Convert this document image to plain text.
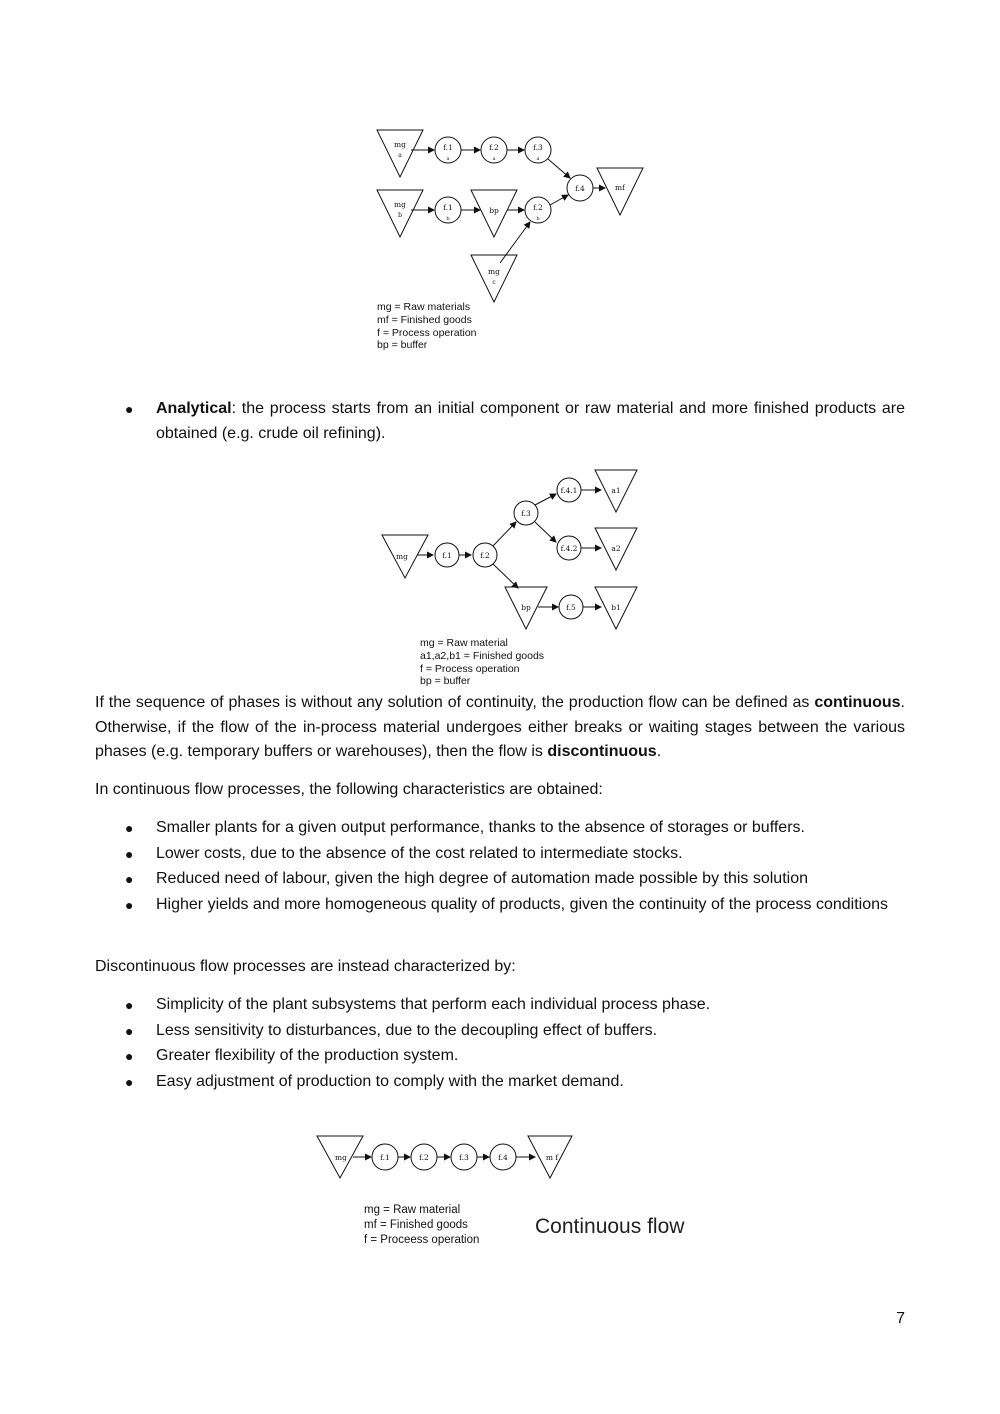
mg
a
f.1
a
f.2
a
f.3
a
f.4	mf
mg
b
f.1
b
bp	f.2
b
mg
c
mg = Raw materials
mf = Finished goods
f = Process operation
bp = buffer
● Analytical: the process starts from an initial component or raw material and more finished products are obtained (e.g. crude oil refining).
mg	f.1	f.2
f.3
f.4.1
f.4.2
a1
a2
bp	f.5	b1
mg = Raw material
a1,a2,b1 = Finished goods
f = Process operation
bp = buffer
If the sequence of phases is without any solution of continuity, the production flow can be defined as continuous. Otherwise, if the flow of the in-process material undergoes either breaks or waiting stages between the various phases (e.g. temporary buffers or warehouses), then the flow is discontinuous.
In continuous flow processes, the following characteristics are obtained:
● Smaller plants for a given output performance, thanks to the absence of storages or buffers.
● Lower costs, due to the absence of the cost related to intermediate stocks.
● Reduced need of labour, given the high degree of automation made possible by this solution
● Higher yields and more homogeneous quality of products, given the continuity of the process conditions
Discontinuous flow processes are instead characterized by:
● Simplicity of the plant subsystems that perform each individual process phase.
● Less sensitivity to disturbances, due to the decoupling effect of buffers.
● Greater flexibility of the production system.
● Easy adjustment of production to comply with the market demand.
mg	f.1	f.2	f.3	f.4	m f
mg = Raw material
mf = Finished goods
f = Proceess operation
Continuous flow
7
